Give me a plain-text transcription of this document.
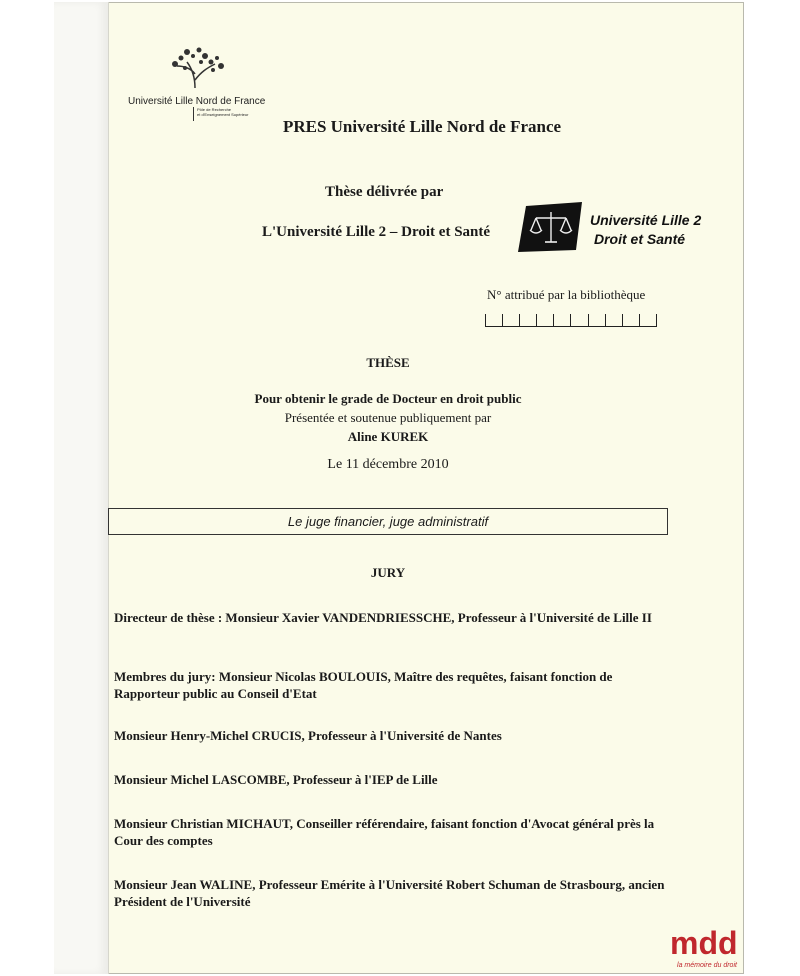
Université Lille Nord de France
Pôle de Recherche
et d'Enseignement Supérieur
PRES Université Lille Nord de France
Thèse délivrée par
L'Université Lille 2 – Droit et Santé
Université Lille 2
Droit et Santé
N° attribué par la bibliothèque
THÈSE
Pour obtenir le grade de Docteur en droit public
Présentée et soutenue publiquement par
Aline KUREK
Le 11 décembre 2010
Le juge financier, juge administratif
JURY
Directeur de thèse : Monsieur Xavier VANDENDRIESSCHE, Professeur à l'Université de Lille II
Membres du jury: Monsieur Nicolas BOULOUIS, Maître des requêtes, faisant fonction de Rapporteur public au Conseil d'Etat
Monsieur Henry-Michel CRUCIS, Professeur à l'Université de Nantes
Monsieur Michel LASCOMBE, Professeur à l'IEP de Lille
Monsieur Christian MICHAUT, Conseiller référendaire, faisant fonction d'Avocat général près la Cour des comptes
Monsieur Jean WALINE, Professeur Emérite à l'Université Robert Schuman de Strasbourg, ancien Président de l'Université
mdd
la mémoire du droit
